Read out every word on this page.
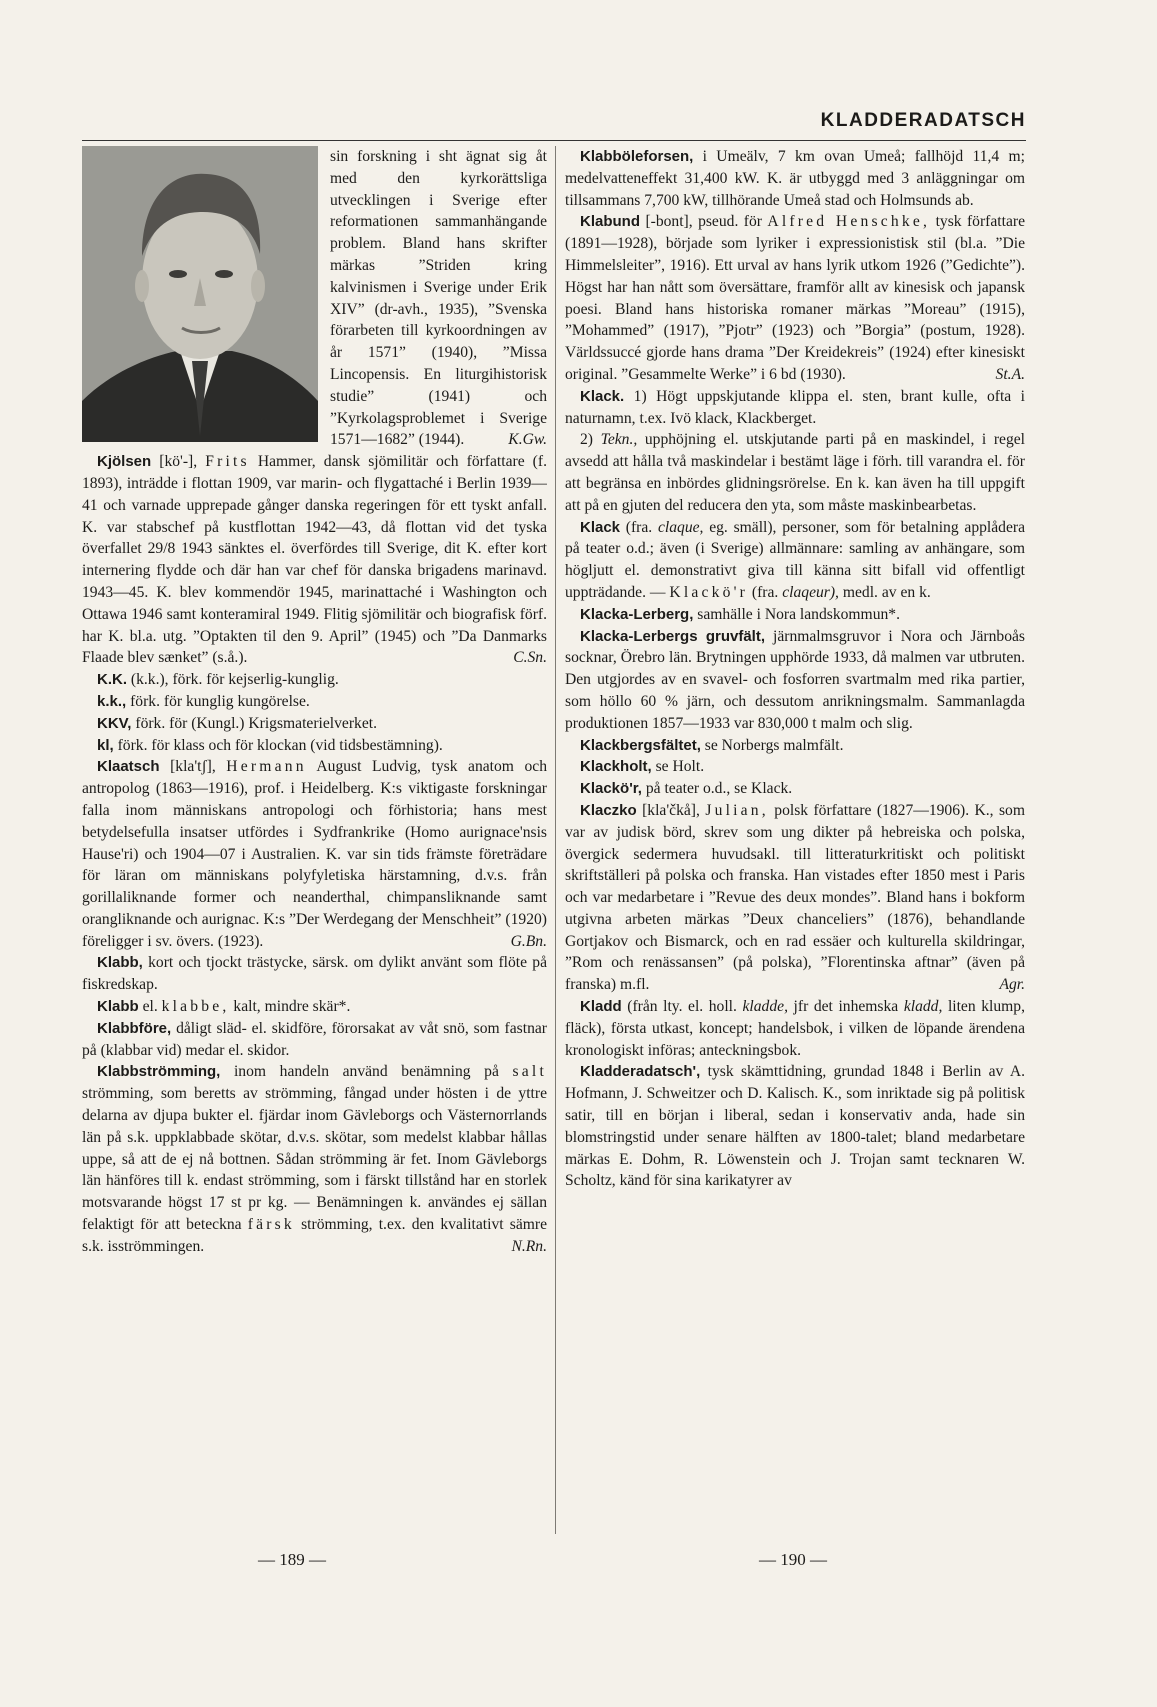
KLADDERADATSCH

sin forskning i sht ägnat sig åt med den kyrkorättsliga utvecklingen i Sverige efter reformationen sammanhängande problem. Bland hans skrifter märkas ”Striden kring kalvinismen i Sverige under Erik XIV” (dr-avh., 1935), ”Svenska förarbeten till kyrkoordningen av år 1571” (1940), ”Missa Lincopensis. En liturgihistorisk studie” (1941) och ”Kyrkolagsproblemet i Sverige 1571—1682” (1944).	K.Gw.

Kjölsen [kö'-], Frits Hammer, dansk sjömilitär och författare (f. 1893), inträdde i flottan 1909, var marin- och flygattaché i Berlin 1939—41 och varnade upprepade gånger danska regeringen för ett tyskt anfall. K. var stabschef på kustflottan 1942—43, då flottan vid det tyska överfallet 29/8 1943 sänktes el. överfördes till Sverige, dit K. efter kort internering flydde och där han var chef för danska brigadens marinavd. 1943—45. K. blev kommendör 1945, marinattaché i Washington och Ottawa 1946 samt konteramiral 1949. Flitig sjömilitär och biografisk förf. har K. bl.a. utg. ”Optakten til den 9. April” (1945) och ”Da Danmarks Flaade blev sænket” (s.å.).	C.Sn.

K.K. (k.k.), förk. för kejserlig-kunglig.

k.k., förk. för kunglig kungörelse.

KKV, förk. för (Kungl.) Krigsmaterielverket.

kl, förk. för klass och för klockan (vid tidsbestämning).

Klaatsch [kla'tʃ], Hermann August Ludvig, tysk anatom och antropolog (1863—1916), prof. i Heidelberg. K:s viktigaste forskningar falla inom människans antropologi och förhistoria; hans mest betydelsefulla insatser utfördes i Sydfrankrike (Homo aurignace'nsis Hause'ri) och 1904—07 i Australien. K. var sin tids främste företrädare för läran om människans polyfyletiska härstamning, d.v.s. från gorillaliknande former och neanderthal, chimpansliknande samt orangliknande och aurignac. K:s ”Der Werdegang der Menschheit” (1920) föreligger i sv. övers. (1923).	G.Bn.

Klabb, kort och tjockt trästycke, särsk. om dylikt använt som flöte på fiskredskap.

Klabb el. klabbe, kalt, mindre skär*.

Klabbföre, dåligt släd- el. skidföre, förorsakat av våt snö, som fastnar på (klabbar vid) medar el. skidor.

Klabbströmming, inom handeln använd benämning på salt strömming, som beretts av strömming, fångad under hösten i de yttre delarna av djupa bukter el. fjärdar inom Gävleborgs och Västernorrlands län på s.k. uppklabbade skötar, d.v.s. skötar, som medelst klabbar hållas uppe, så att de ej nå bottnen. Sådan strömming är fet. Inom Gävleborgs län hänföres till k. endast strömming, som i färskt tillstånd har en storlek motsvarande högst 17 st pr kg. — Benämningen k. användes ej sällan felaktigt för att beteckna färsk strömming, t.ex. den kvalitativt sämre s.k. isströmmingen.	N.Rn.

Klabböleforsen, i Umeälv, 7 km ovan Umeå; fallhöjd 11,4 m; medelvatteneffekt 31,400 kW. K. är utbyggd med 3 anläggningar om tillsammans 7,700 kW, tillhörande Umeå stad och Holmsunds ab.

Klabund [-bont], pseud. för Alfred Henschke, tysk författare (1891—1928), började som lyriker i expressionistisk stil (bl.a. ”Die Himmelsleiter”, 1916). Ett urval av hans lyrik utkom 1926 (”Gedichte”). Högst har han nått som översättare, framför allt av kinesisk och japansk poesi. Bland hans historiska romaner märkas ”Moreau” (1915), ”Mohammed” (1917), ”Pjotr” (1923) och ”Borgia” (postum, 1928). Världssuccé gjorde hans drama ”Der Kreidekreis” (1924) efter kinesiskt original. ”Gesammelte Werke” i 6 bd (1930).	St.A.

Klack. 1) Högt uppskjutande klippa el. sten, brant kulle, ofta i naturnamn, t.ex. Ivö klack, Klackberget.

2) Tekn., upphöjning el. utskjutande parti på en maskindel, i regel avsedd att hålla två maskindelar i bestämt läge i förh. till varandra el. för att begränsa en inbördes glidningsrörelse. En k. kan även ha till uppgift att på en gjuten del reducera den yta, som måste maskinbearbetas.

Klack (fra. claque, eg. smäll), personer, som för betalning applådera på teater o.d.; även (i Sverige) allmännare: samling av anhängare, som högljutt el. demonstrativt giva till känna sitt bifall vid offentligt uppträdande. — Klackö'r (fra. claqeur), medl. av en k.

Klacka-Lerberg, samhälle i Nora landskommun*.

Klacka-Lerbergs gruvfält, järnmalmsgruvor i Nora och Järnboås socknar, Örebro län. Brytningen upphörde 1933, då malmen var utbruten. Den utgjordes av en svavel- och fosforren svartmalm med rika partier, som höllo 60 % järn, och dessutom anrikningsmalm. Sammanlagda produktionen 1857—1933 var 830,000 t malm och slig.

Klackbergsfältet, se Norbergs malmfält.

Klackholt, se Holt.

Klackö'r, på teater o.d., se Klack.

Klaczko [kla'čkå], Julian, polsk författare (1827—1906). K., som var av judisk börd, skrev som ung dikter på hebreiska och polska, övergick sedermera huvudsakl. till litteraturkritiskt och politiskt skriftställeri på polska och franska. Han vistades efter 1850 mest i Paris och var medarbetare i ”Revue des deux mondes”. Bland hans i bokform utgivna arbeten märkas ”Deux chanceliers” (1876), behandlande Gortjakov och Bismarck, och en rad essäer och kulturella skildringar, ”Rom och renässansen” (på polska), ”Florentinska aftnar” (även på franska) m.fl.	Agr.

Kladd (från lty. el. holl. kladde, jfr det inhemska kladd, liten klump, fläck), första utkast, koncept; handelsbok, i vilken de löpande ärendena kronologiskt införas; anteckningsbok.

Kladderadatsch', tysk skämttidning, grundad 1848 i Berlin av A. Hofmann, J. Schweitzer och D. Kalisch. K., som inriktade sig på politisk satir, till en början i liberal, sedan i konservativ anda, hade sin blomstringstid under senare hälften av 1800-talet; bland medarbetare märkas E. Dohm, R. Löwenstein och J. Trojan samt tecknaren W. Scholtz, känd för sina karikatyrer av

— 189 —	— 190 —
